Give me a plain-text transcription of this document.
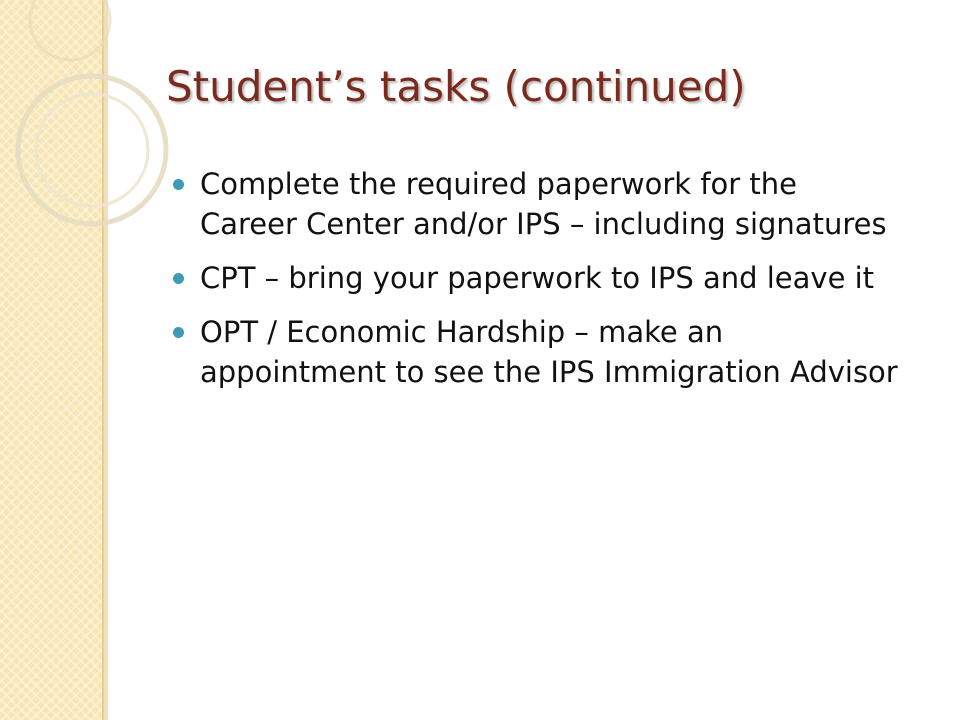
Student’s tasks (continued)
Complete the required paperwork for the Career Center and/or IPS – including signatures
CPT – bring your paperwork to IPS and leave it
OPT / Economic Hardship – make an appointment to see the IPS Immigration Advisor
